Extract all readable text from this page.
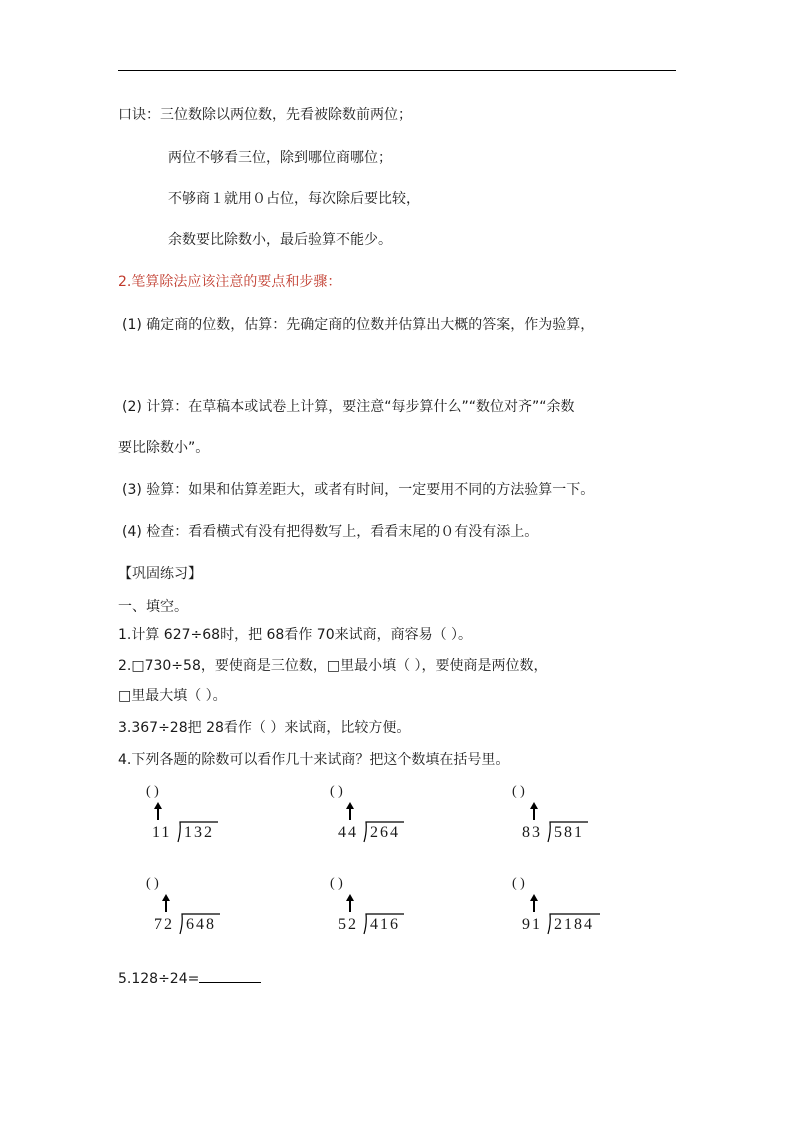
口诀：三位数除以两位数，先看被除数前两位；
两位不够看三位，除到哪位商哪位；
不够商１就用０占位，每次除后要比较，
余数要比除数小，最后验算不能少。
2.笔算除法应该注意的要点和步骤：
(1) 确定商的位数，估算：先确定商的位数并估算出大概的答案，作为验算，
(2) 计算：在草稿本或试卷上计算，要注意“每步算什么”“数位对齐”“余数
要比除数小”。
(3) 验算：如果和估算差距大，或者有时间，一定要用不同的方法验算一下。
(4) 检查：看看横式有没有把得数写上，看看末尾的０有没有添上。
【巩固练习】
一、填空。
1.计算 627÷68时，把 68看作 70来试商，商容易（ ）。
2.□730÷58，要使商是三位数，□里最小填（ ），要使商是两位数，
□里最大填（ ）。
3.367÷28把 28看作（ ）来试商，比较方便。
4.下列各题的除数可以看作几十来试商？把这个数填在括号里。
( )
11 132
( )
44 264
( )
83 581
( )
72 648
( )
52 416
( )
91 2184
5.128÷24=
